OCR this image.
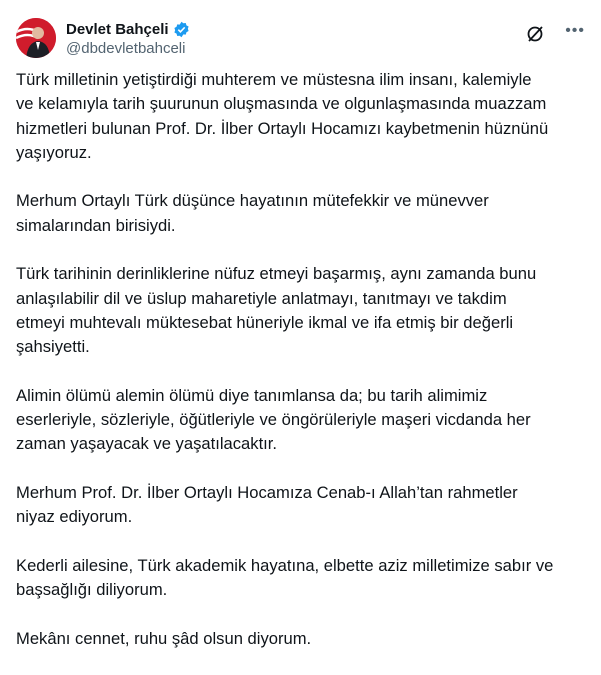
Devlet Bahçeli
@dbdevletbahceli
•••

Türk milletinin yetiştirdiği muhterem ve müstesna ilim insanı, kalemiyle
ve kelamıyla tarih şuurunun oluşmasında ve olgunlaşmasında muazzam
hizmetleri bulunan Prof. Dr. İlber Ortaylı Hocamızı kaybetmenin hüznünü
yaşıyoruz.

Merhum Ortaylı Türk düşünce hayatının mütefekkir ve münevver
simalarından birisiydi.

Türk tarihinin derinliklerine nüfuz etmeyi başarmış, aynı zamanda bunu
anlaşılabilir dil ve üslup maharetiyle anlatmayı, tanıtmayı ve takdim
etmeyi muhtevalı müktesebat hüneriyle ikmal ve ifa etmiş bir değerli
şahsiyetti.

Alimin ölümü alemin ölümü diye tanımlansa da; bu tarih alimimiz
eserleriyle, sözleriyle, öğütleriyle ve öngörüleriyle maşeri vicdanda her
zaman yaşayacak ve yaşatılacaktır.

Merhum Prof. Dr. İlber Ortaylı Hocamıza Cenab-ı Allah’tan rahmetler
niyaz ediyorum.

Kederli ailesine, Türk akademik hayatına, elbette aziz milletimize sabır ve
başsağlığı diliyorum.

Mekânı cennet, ruhu şâd olsun diyorum.
